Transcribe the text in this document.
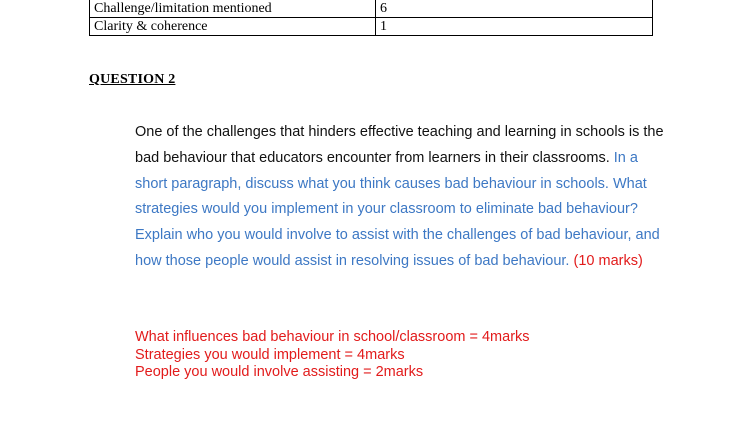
Challenge/limitation mentioned	6
Clarity & coherence	1
QUESTION 2

One of the challenges that hinders effective teaching and learning in schools is the bad behaviour that educators encounter from learners in their classrooms. In a short paragraph, discuss what you think causes bad behaviour in schools. What strategies would you implement in your classroom to eliminate bad behaviour? Explain who you would involve to assist with the challenges of bad behaviour, and how those people would assist in resolving issues of bad behaviour. (10 marks)

What influences bad behaviour in school/classroom = 4marks
Strategies you would implement = 4marks
People you would involve assisting = 2marks
